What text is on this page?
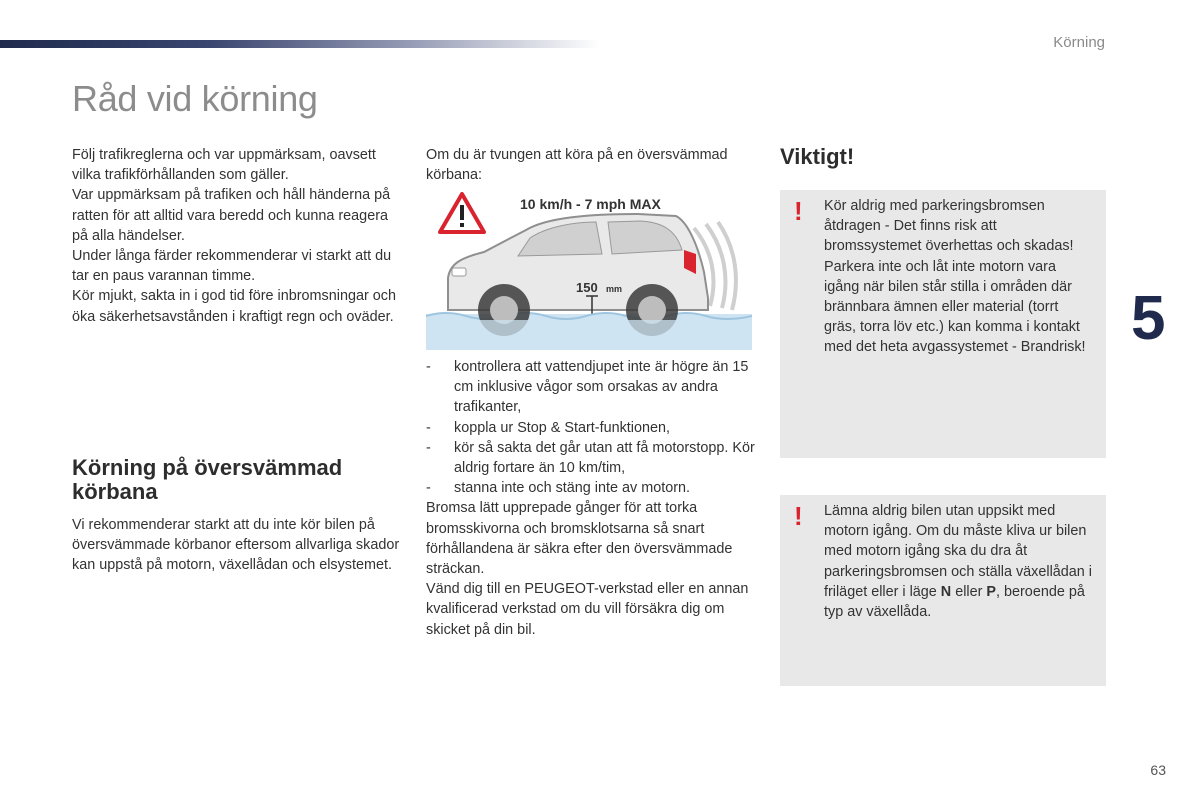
Körning
Råd vid körning

Följ trafikreglerna och var uppmärksam, oavsett vilka trafikförhållanden som gäller.

Var uppmärksam på trafiken och håll händerna på ratten för att alltid vara beredd och kunna reagera på alla händelser.

Under långa färder rekommenderar vi starkt att du tar en paus varannan timme.

Kör mjukt, sakta in i god tid före inbromsningar och öka säkerhetsavstånden i kraftigt regn och oväder.

Körning på översvämmad körbana

Vi rekommenderar starkt att du inte kör bilen på översvämmade körbanor eftersom allvarliga skador kan uppstå på motorn, växellådan och elsystemet.

Om du är tvungen att köra på en översvämmad körbana:

10 km/h - 7 mph MAX
150 mm
- kontrollera att vattendjupet inte är högre än 15 cm inklusive vågor som orsakas av andra trafikanter,
- koppla ur Stop & Start-funktionen,
- kör så sakta det går utan att få motorstopp. Kör aldrig fortare än 10 km/tim,
- stanna inte och stäng inte av motorn.

Bromsa lätt upprepade gånger för att torka bromsskivorna och bromsklotsarna så snart förhållandena är säkra efter den översvämmade sträckan.

Vänd dig till en PEUGEOT-verkstad eller en annan kvalificerad verkstad om du vill försäkra dig om skicket på din bil.

Viktigt!
! Kör aldrig med parkeringsbromsen åtdragen - Det finns risk att bromssystemet överhettas och skadas! Parkera inte och låt inte motorn vara igång när bilen står stilla i områden där brännbara ämnen eller material (torrt gräs, torra löv etc.) kan komma i kontakt med det heta avgassystemet - Brandrisk!
! Lämna aldrig bilen utan uppsikt med motorn igång. Om du måste kliva ur bilen med motorn igång ska du dra åt parkeringsbromsen och ställa växellådan i friläget eller i läge N eller P, beroende på typ av växellåda.
5
63
